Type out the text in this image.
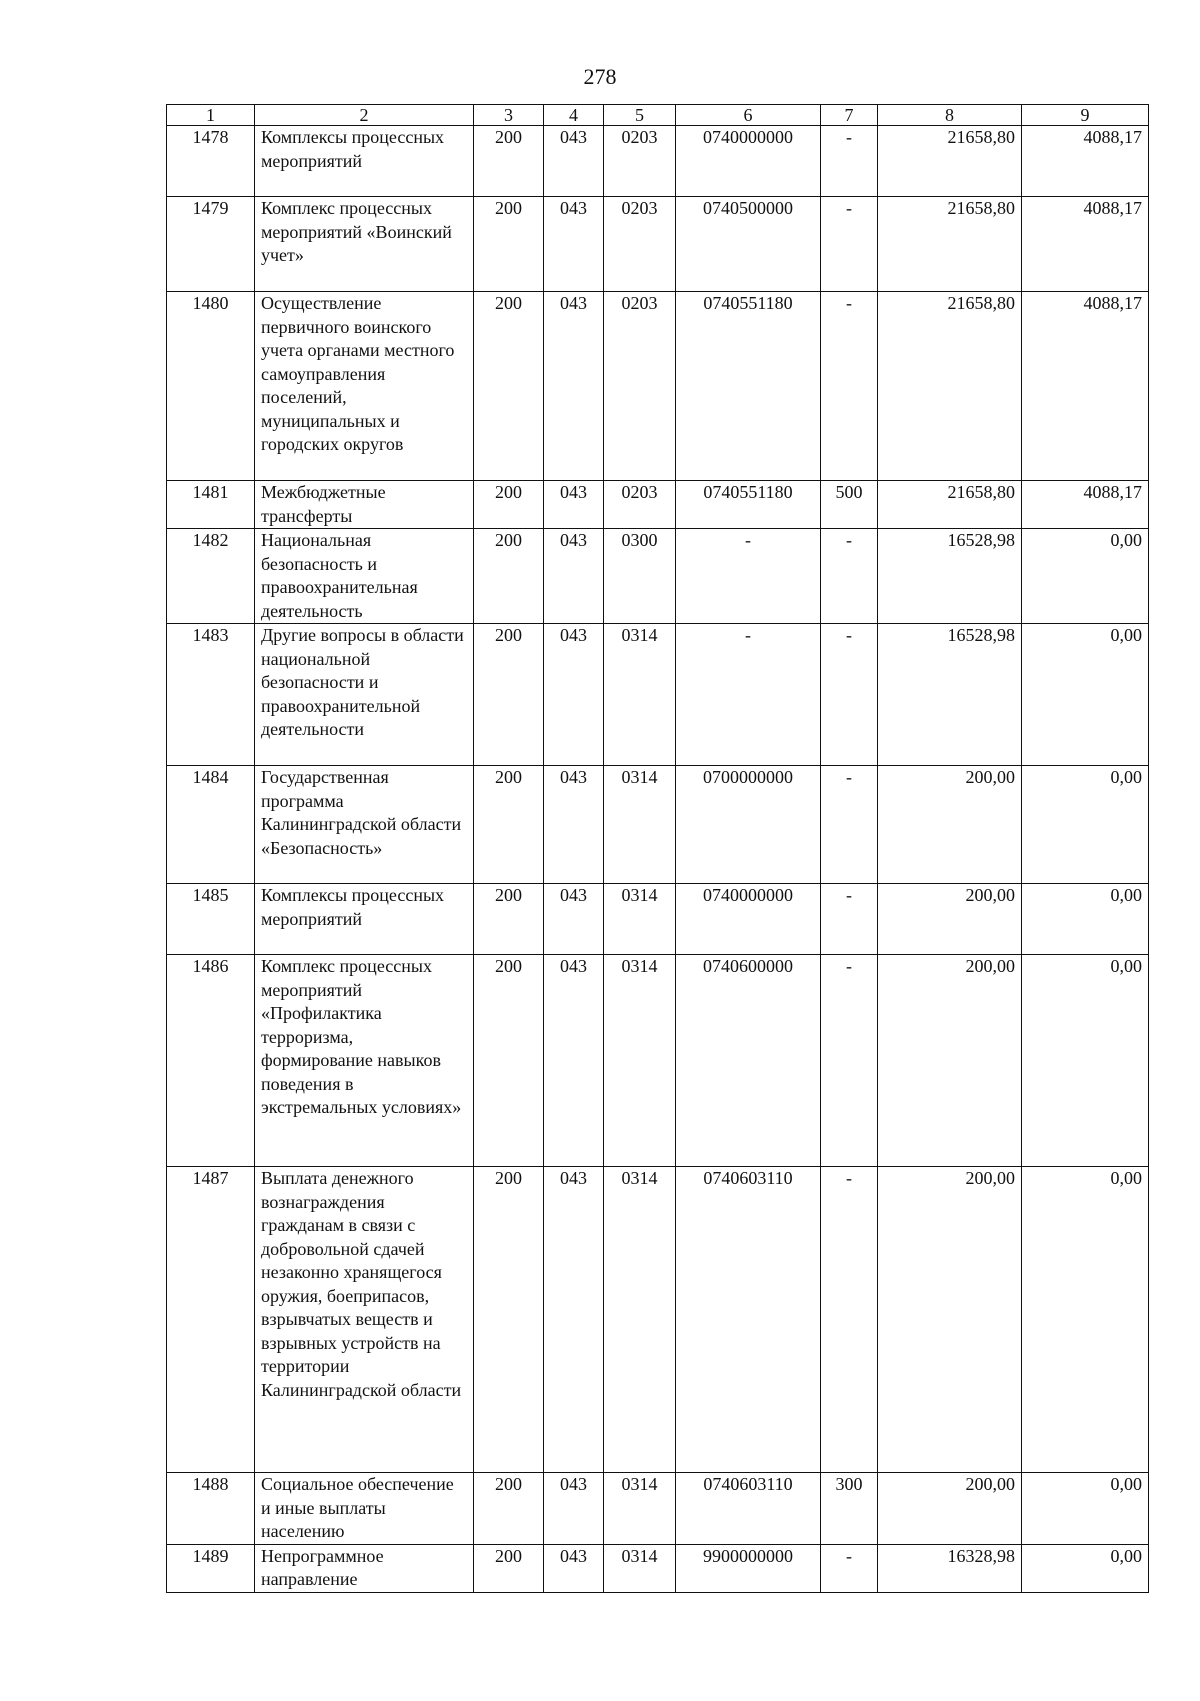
278
1	2	3	4	5	6	7	8	9
1478	Комплексы процессных мероприятий	200	043	0203	0740000000	-	21658,80	4088,17
1479	Комплекс процессных мероприятий «Воинский учет»	200	043	0203	0740500000	-	21658,80	4088,17
1480	Осуществление первичного воинского учета органами местного самоуправления поселений, муниципальных и городских округов	200	043	0203	0740551180	-	21658,80	4088,17
1481	Межбюджетные трансферты	200	043	0203	0740551180	500	21658,80	4088,17
1482	Национальная безопасность и правоохранительная деятельность	200	043	0300	-	-	16528,98	0,00
1483	Другие вопросы в области национальной безопасности и правоохранительной деятельности	200	043	0314	-	-	16528,98	0,00
1484	Государственная программа Калининградской области «Безопасность»	200	043	0314	0700000000	-	200,00	0,00
1485	Комплексы процессных мероприятий	200	043	0314	0740000000	-	200,00	0,00
1486	Комплекс процессных мероприятий «Профилактика терроризма, формирование навыков поведения в экстремальных условиях»	200	043	0314	0740600000	-	200,00	0,00
1487	Выплата денежного вознаграждения гражданам в связи с добровольной сдачей незаконно хранящегося оружия, боеприпасов, взрывчатых веществ и взрывных устройств на территории Калининградской области	200	043	0314	0740603110	-	200,00	0,00
1488	Социальное обеспечение и иные выплаты населению	200	043	0314	0740603110	300	200,00	0,00
1489	Непрограммное направление	200	043	0314	9900000000	-	16328,98	0,00
